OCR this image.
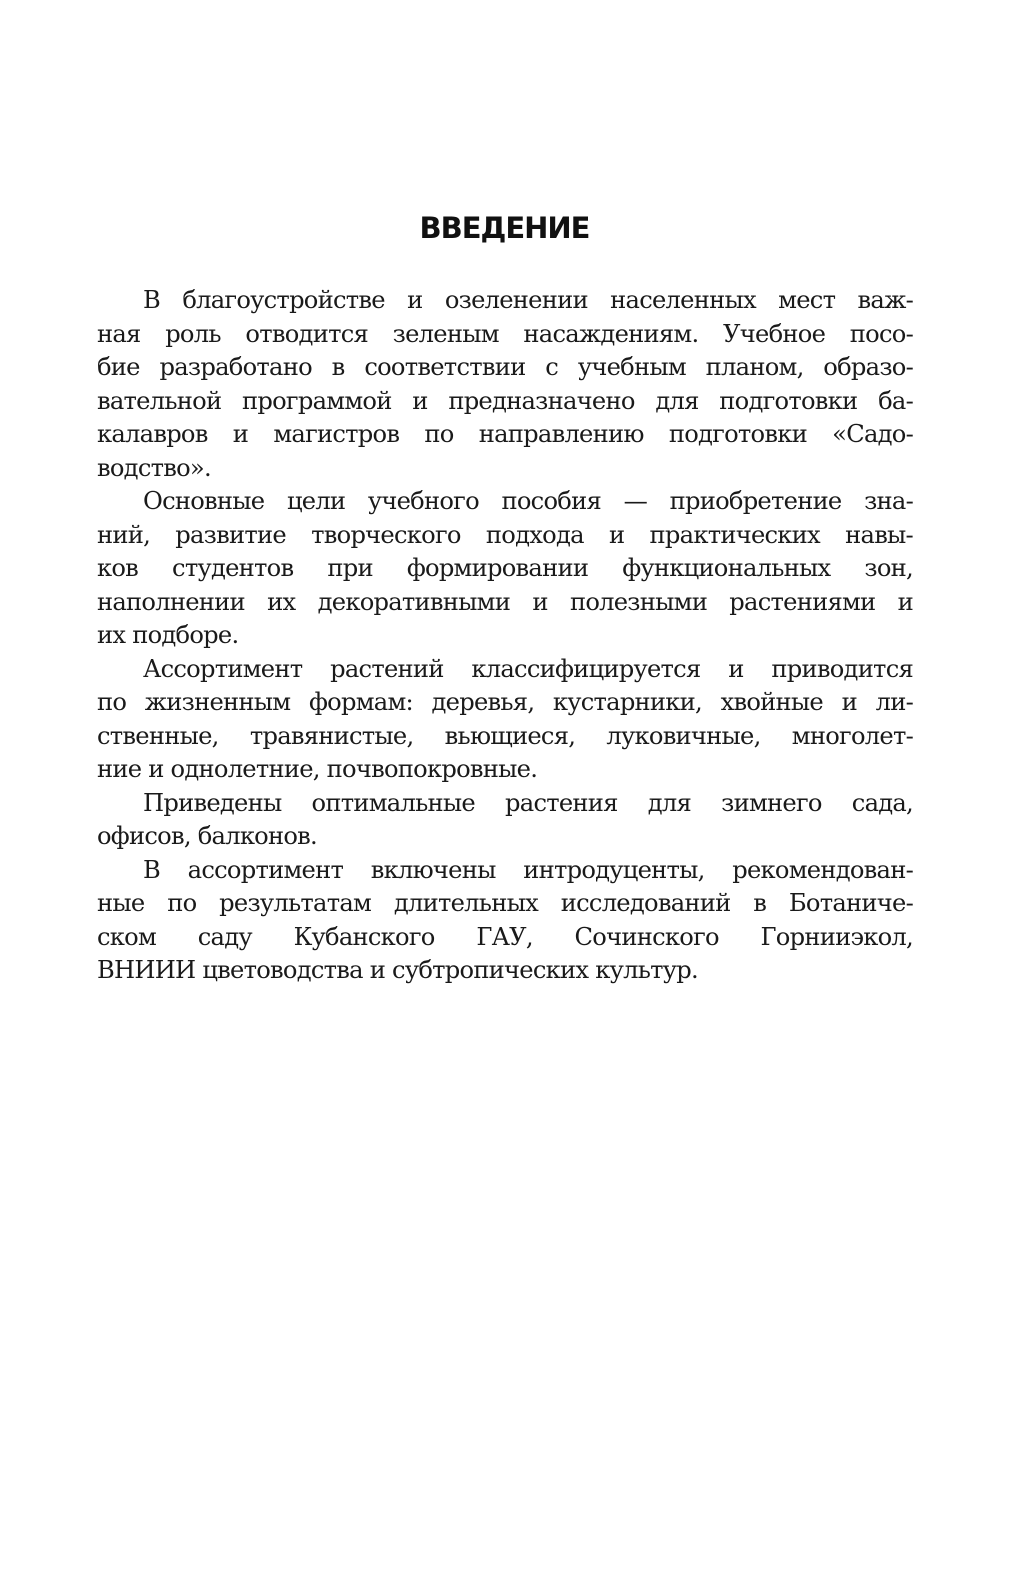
ВВЕДЕНИЕ

В благоустройстве и озеленении населенных мест важ-
ная роль отводится зеленым насаждениям. Учебное посо-
бие разработано в соответствии с учебным планом, образо-
вательной программой и предназначено для подготовки ба-
калавров и магистров по направлению подготовки «Садо-
водство».

Основные цели учебного пособия — приобретение зна-
ний, развитие творческого подхода и практических навы-
ков студентов при формировании функциональных зон,
наполнении их декоративными и полезными растениями и
их подборе.

Ассортимент растений классифицируется и приводится
по жизненным формам: деревья, кустарники, хвойные и ли-
ственные, травянистые, вьющиеся, луковичные, многолет-
ние и однолетние, почвопокровные.

Приведены оптимальные растения для зимнего сада,
офисов, балконов.

В ассортимент включены интродуценты, рекомендован-
ные по результатам длительных исследований в Ботаниче-
ском саду Кубанского ГАУ, Сочинского Горнииэкол,
ВНИИИ цветоводства и субтропических культур.
